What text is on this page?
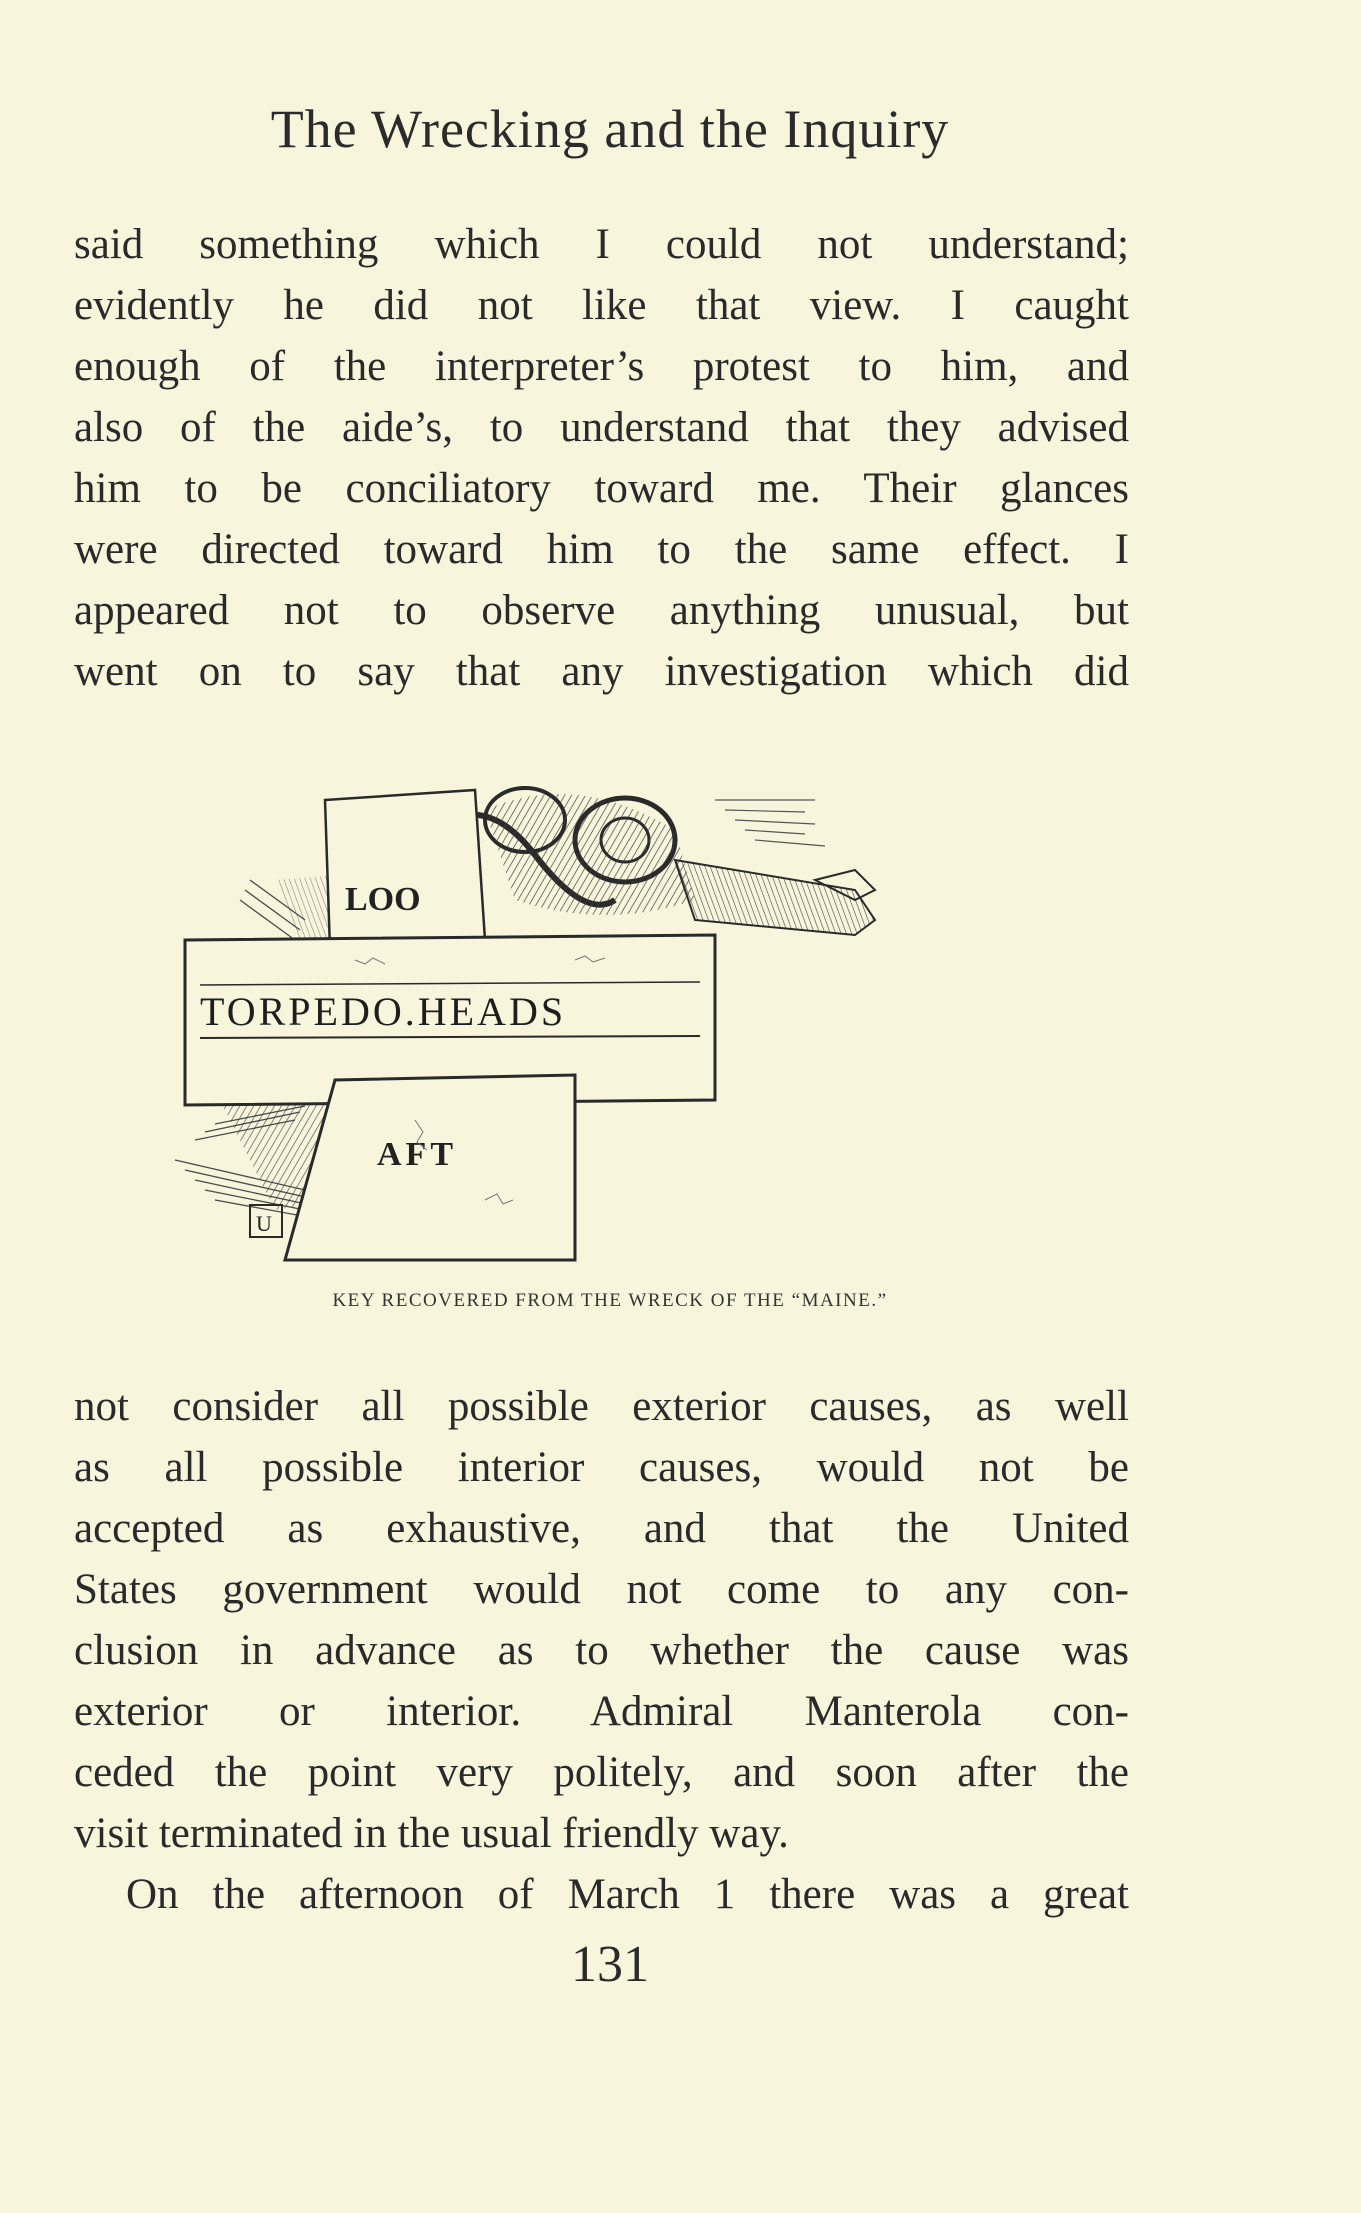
The Wrecking and the Inquiry
said something which I could not understand;
evidently he did not like that view. I caught
enough of the interpreter’s protest to him, and
also of the aide’s, to understand that they advised
him to be conciliatory toward me. Their glances
were directed toward him to the same effect. I
appeared not to observe anything unusual, but
went on to say that any investigation which did
LOO
TORPEDO.HEADS
AFT
U
KEY RECOVERED FROM THE WRECK OF THE “MAINE.”
not consider all possible exterior causes, as well
as all possible interior causes, would not be
accepted as exhaustive, and that the United
States government would not come to any con-
clusion in advance as to whether the cause was
exterior or interior. Admiral Manterola con-
ceded the point very politely, and soon after the
visit terminated in the usual friendly way.
On the afternoon of March 1 there was a great
131
